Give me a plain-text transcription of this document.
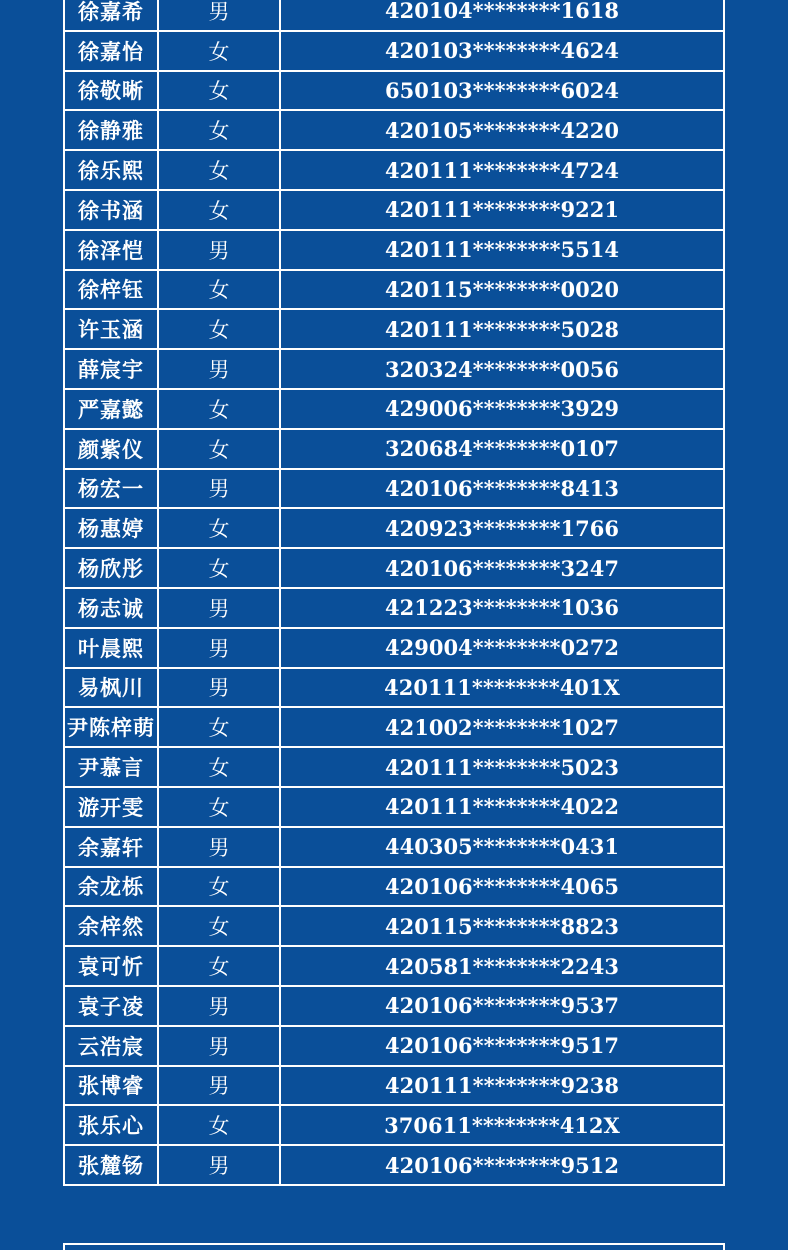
徐嘉希	男	420104********1618
徐嘉怡	女	420103********4624
徐敬晰	女	650103********6024
徐静雅	女	420105********4220
徐乐熙	女	420111********4724
徐书涵	女	420111********9221
徐泽恺	男	420111********5514
徐梓钰	女	420115********0020
许玉涵	女	420111********5028
薛宸宇	男	320324********0056
严嘉懿	女	429006********3929
颜紫仪	女	320684********0107
杨宏一	男	420106********8413
杨惠婷	女	420923********1766
杨欣彤	女	420106********3247
杨志诚	男	421223********1036
叶晨熙	男	429004********0272
易枫川	男	420111********401X
尹陈梓萌	女	421002********1027
尹慕言	女	420111********5023
游开雯	女	420111********4022
余嘉轩	男	440305********0431
余龙栎	女	420106********4065
余梓然	女	420115********8823
袁可忻	女	420581********2243
袁子凌	男	420106********9537
云浩宸	男	420106********9517
张博睿	男	420111********9238
张乐心	女	370611********412X
张麓钖	男	420106********9512
